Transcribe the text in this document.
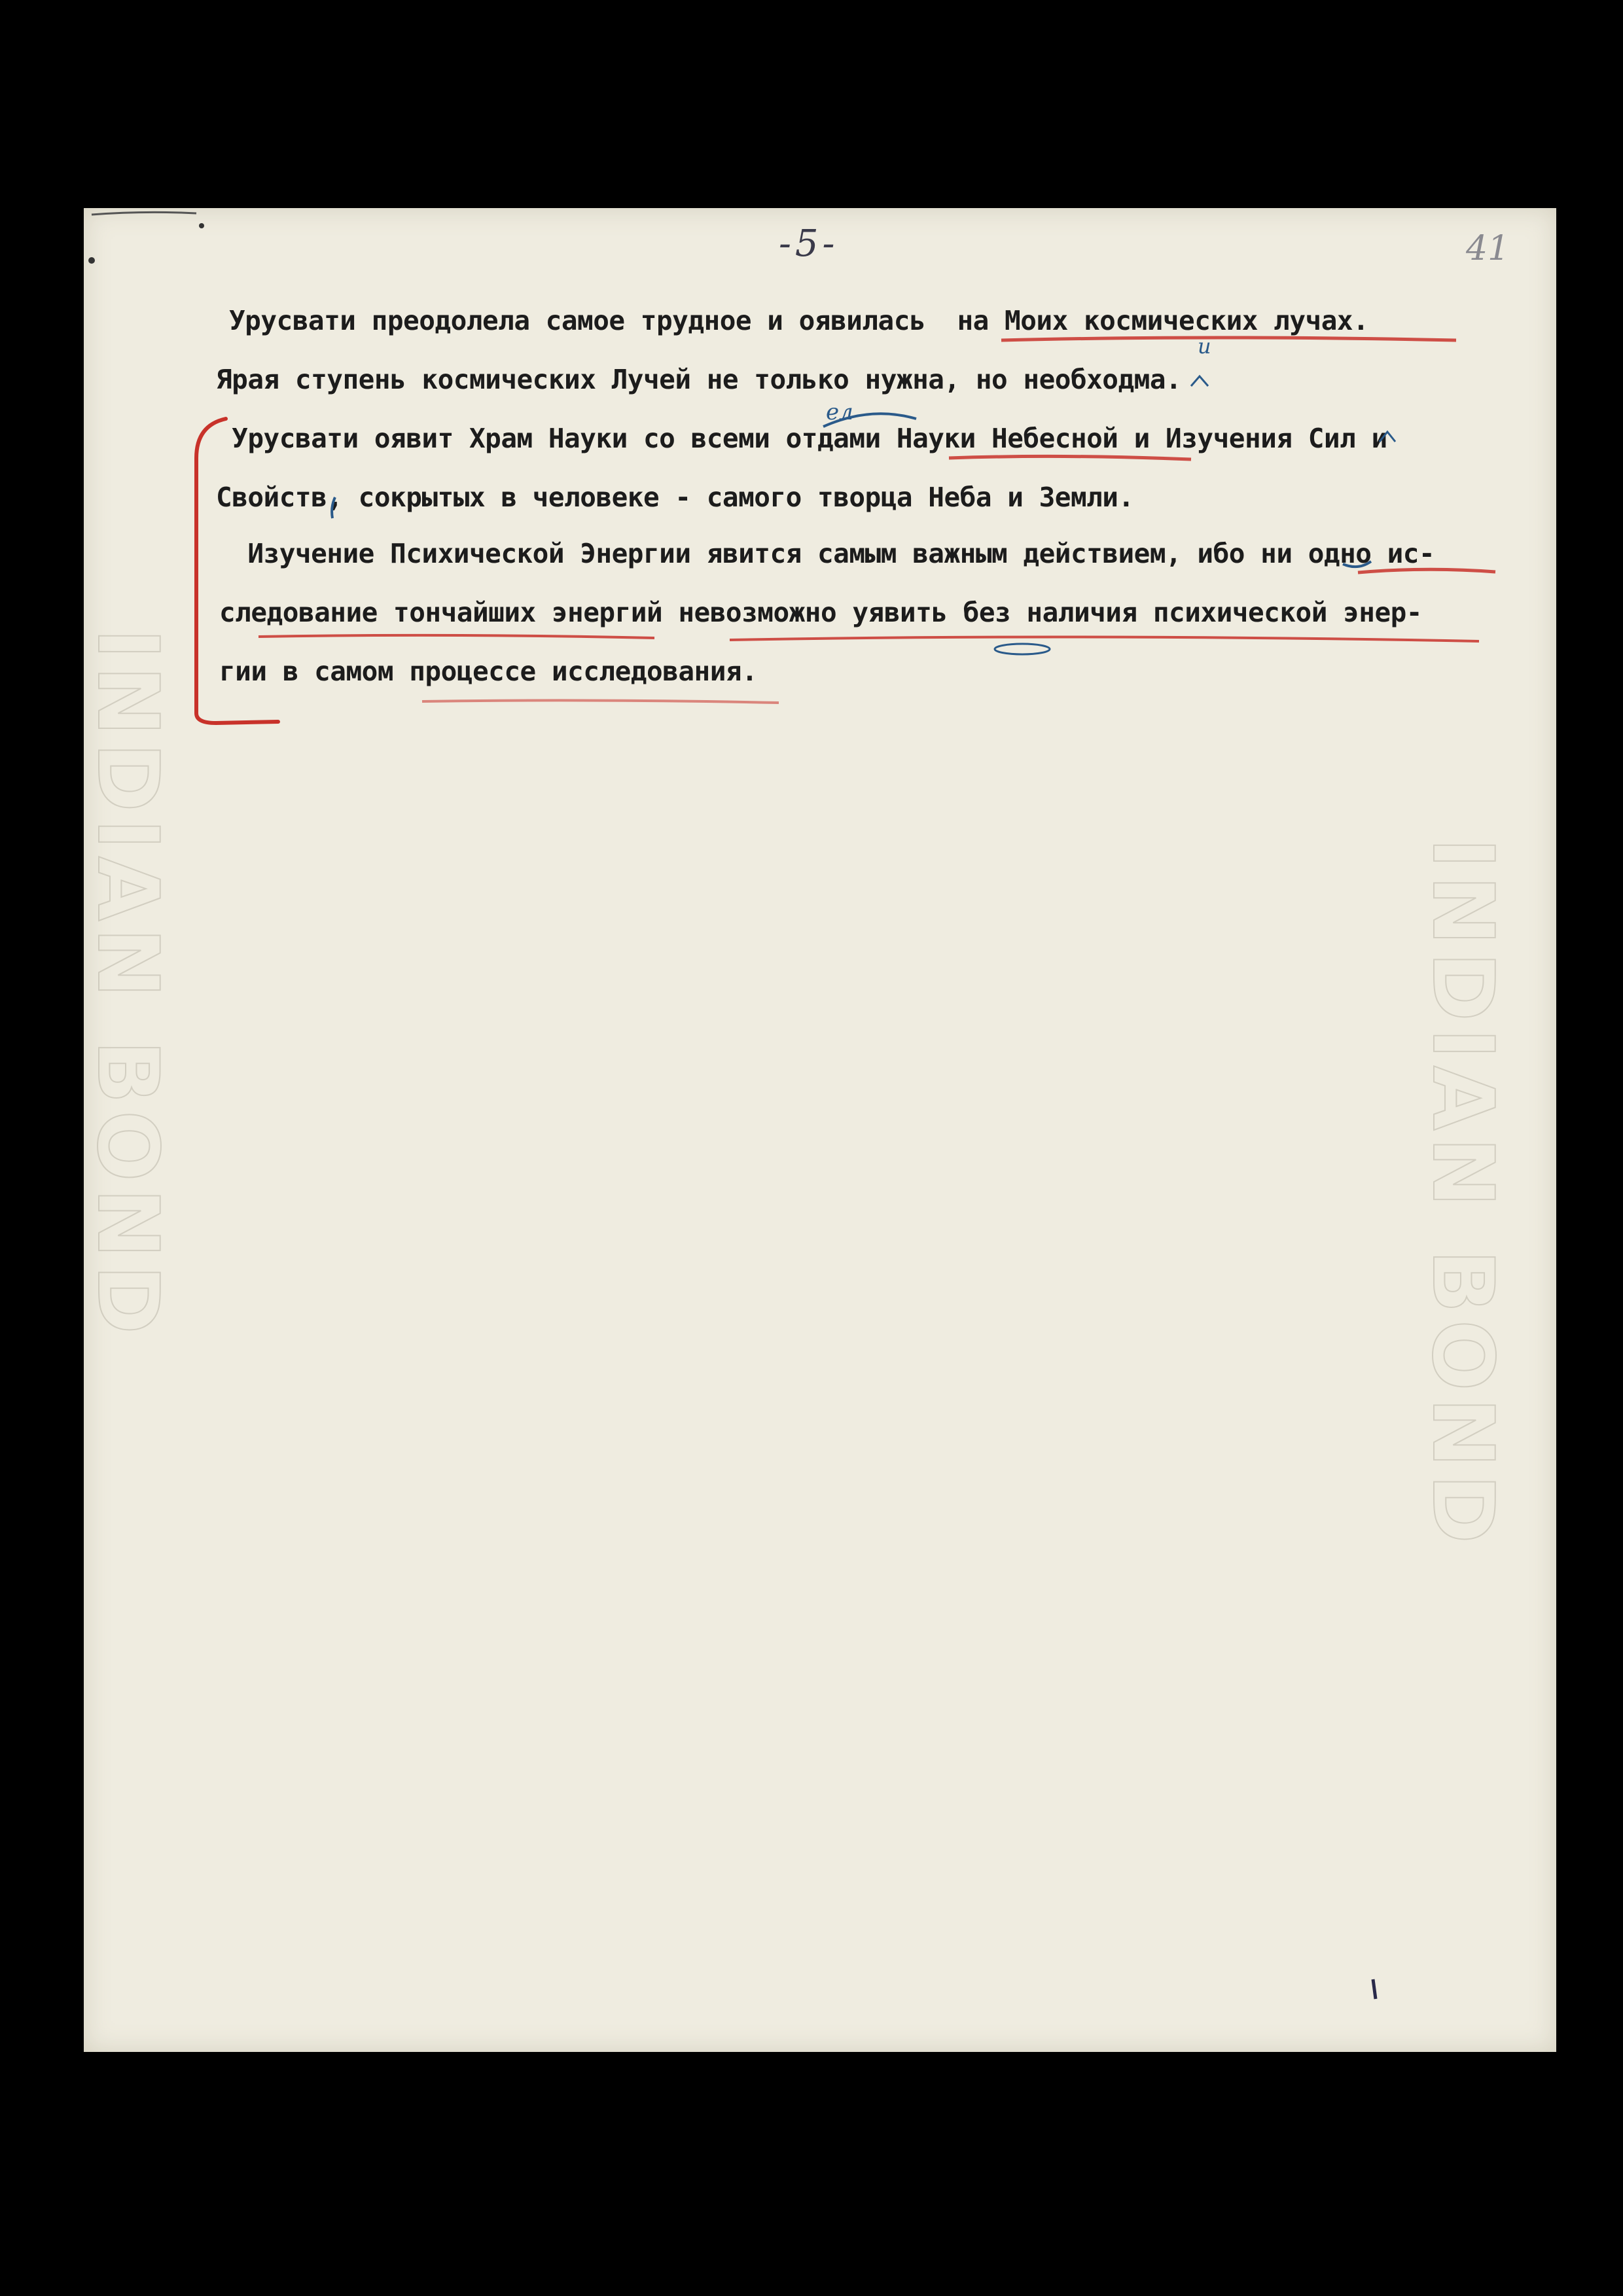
INDIAN BOND	INDIAN BOND
-5-	41
Урусвати преодолела самое трудное и оявилась  на Моих космических лучах.
Ярая ступень космических Лучей не только нужна, но необходма.
Урусвати оявит Храм Науки со всеми отдами Науки Небесной и Изучения Сил и
Свойств, сокрытых в человеке - самого творца Неба и Земли.
Изучение Психической Энергии явится самым важным действием, ибо ни одно ис-
следование тончайших энергий невозможно уявить без наличия психической энер-
гии в самом процессе исследования.
ел
и
